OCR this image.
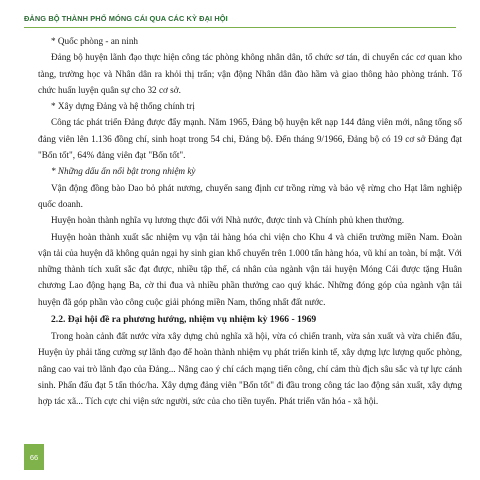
ĐẢNG BỘ THÀNH PHỐ MÓNG CÁI QUA CÁC KỲ ĐẠI HỘI

* Quốc phòng - an ninh

Đảng bộ huyện lãnh đạo thực hiện công tác phòng không nhân dân, tổ chức sơ tán, di chuyển các cơ quan kho tàng, trường học và Nhân dân ra khỏi thị trấn; vận động Nhân dân đào hầm và giao thông hào phòng tránh. Tổ chức huấn luyện quân sự cho 32 cơ sở.

* Xây dựng Đảng và hệ thống chính trị

Công tác phát triển Đảng được đẩy mạnh. Năm 1965, Đảng bộ huyện kết nạp 144 đảng viên mới, nâng tổng số đảng viên lên 1.136 đồng chí, sinh hoạt trong 54 chi, Đảng bộ. Đến tháng 9/1966, Đảng bộ có 19 cơ sở Đảng đạt "Bốn tốt", 64% đảng viên đạt "Bốn tốt".

* Những dấu ấn nổi bật trong nhiệm kỳ

Vận động đồng bào Dao bỏ phát nương, chuyển sang định cư trồng rừng và bảo vệ rừng cho Hạt lâm nghiệp quốc doanh.

Huyện hoàn thành nghĩa vụ lương thực đối với Nhà nước, được tỉnh và Chính phủ khen thưởng.

Huyện hoàn thành xuất sắc nhiệm vụ vận tải hàng hóa chi viện cho Khu 4 và chiến trường miền Nam. Đoàn vận tải của huyện dã không quản ngại hy sinh gian khổ chuyển trên 1.000 tấn hàng hóa, vũ khí an toàn, bí mật. Với những thành tích xuất sắc đạt được, nhiều tập thể, cá nhân của ngành vận tải huyện Móng Cái được tặng Huân chương Lao động hạng Ba, cờ thi đua và nhiều phần thưởng cao quý khác. Những đóng góp của ngành vận tải huyện đã góp phần vào công cuộc giải phóng miền Nam, thống nhất đất nước.

2.2. Đại hội đề ra phương hướng, nhiệm vụ nhiệm kỳ 1966 - 1969

Trong hoàn cảnh đất nước vừa xây dựng chủ nghĩa xã hội, vừa có chiến tranh, vừa sản xuất và vừa chiến đấu, Huyện ủy phải tăng cường sự lãnh đạo để hoàn thành nhiệm vụ phát triển kinh tế, xây dựng lực lượng quốc phòng, nâng cao vai trò lãnh đạo của Đảng... Nâng cao ý chí cách mạng tiến công, chí cảm thù địch sâu sắc và tự lực cánh sinh. Phấn đấu đạt 5 tấn thóc/ha. Xây dựng đảng viên "Bốn tốt" đi đầu trong công tác lao động sản xuất, xây dựng hợp tác xã... Tích cực chi viện sức người, sức của cho tiền tuyến. Phát triển văn hóa - xã hội.

66
